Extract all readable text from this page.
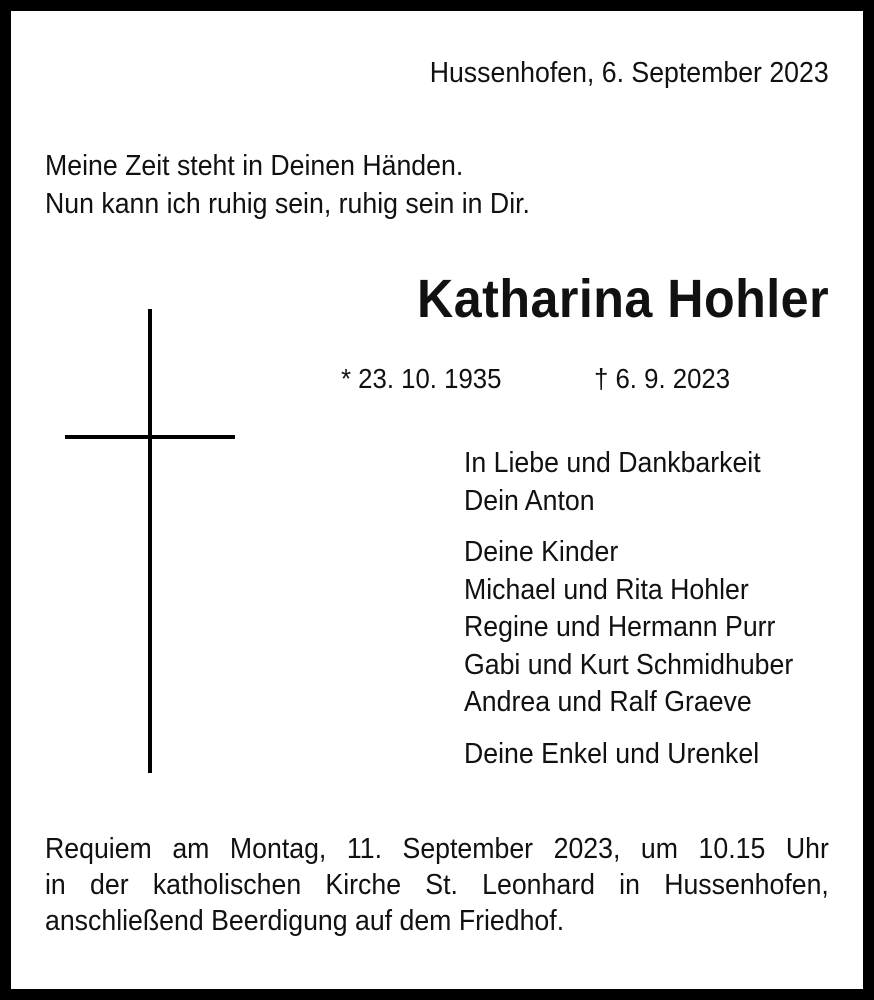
Hussenhofen, 6. September 2023
Meine Zeit steht in Deinen Händen.
Nun kann ich ruhig sein, ruhig sein in Dir.
Katharina Hohler
* 23. 10. 1935	† 6. 9. 2023
In Liebe und Dankbarkeit
Dein Anton
Deine Kinder
Michael und Rita Hohler
Regine und Hermann Purr
Gabi und Kurt Schmidhuber
Andrea und Ralf Graeve
Deine Enkel und Urenkel
Requiem am Montag, 11. September 2023, um 10.15 Uhr
in der katholischen Kirche St. Leonhard in Hussenhofen,
anschließend Beerdigung auf dem Friedhof.
